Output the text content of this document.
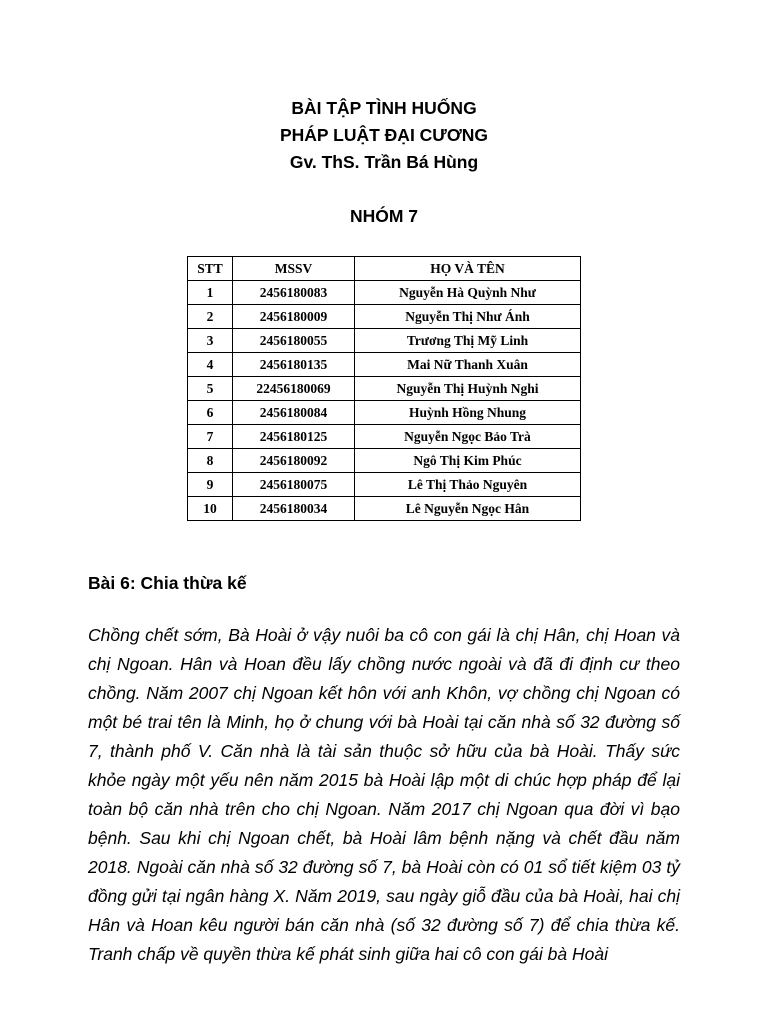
BÀI TẬP TÌNH HUỐNG
PHÁP LUẬT ĐẠI CƯƠNG
Gv. ThS. Trần Bá Hùng
NHÓM 7
STT	MSSV	HỌ VÀ TÊN
1	2456180083	Nguyễn Hà Quỳnh Như
2	2456180009	Nguyễn Thị Như Ánh
3	2456180055	Trương Thị Mỹ Linh
4	2456180135	Mai Nữ Thanh Xuân
5	22456180069	Nguyễn Thị Huỳnh Nghi
6	2456180084	Huỳnh Hồng Nhung
7	2456180125	Nguyễn Ngọc Bảo Trà
8	2456180092	Ngô Thị Kim Phúc
9	2456180075	Lê Thị Thảo Nguyên
10	2456180034	Lê Nguyễn Ngọc Hân
Bài 6: Chia thừa kế

Chồng chết sớm, Bà Hoài ở vậy nuôi ba cô con gái là chị Hân, chị Hoan và chị Ngoan. Hân và Hoan đều lấy chồng nước ngoài và đã đi định cư theo chồng. Năm 2007 chị Ngoan kết hôn với anh Khôn, vợ chồng chị Ngoan có một bé trai tên là Minh, họ ở chung với bà Hoài tại căn nhà số 32 đường số 7, thành phố V. Căn nhà là tài sản thuộc sở hữu của bà Hoài. Thấy sức khỏe ngày một yếu nên năm 2015 bà Hoài lập một di chúc hợp pháp để lại toàn bộ căn nhà trên cho chị Ngoan. Năm 2017 chị Ngoan qua đời vì bạo bệnh. Sau khi chị Ngoan chết, bà Hoài lâm bệnh nặng và chết đầu năm 2018. Ngoài căn nhà số 32 đường số 7, bà Hoài còn có 01 sổ tiết kiệm 03 tỷ đồng gửi tại ngân hàng X. Năm 2019, sau ngày giỗ đầu của bà Hoài, hai chị Hân và Hoan kêu người bán căn nhà (số 32 đường số 7) để chia thừa kế. Tranh chấp về quyền thừa kế phát sinh giữa hai cô con gái bà Hoài
